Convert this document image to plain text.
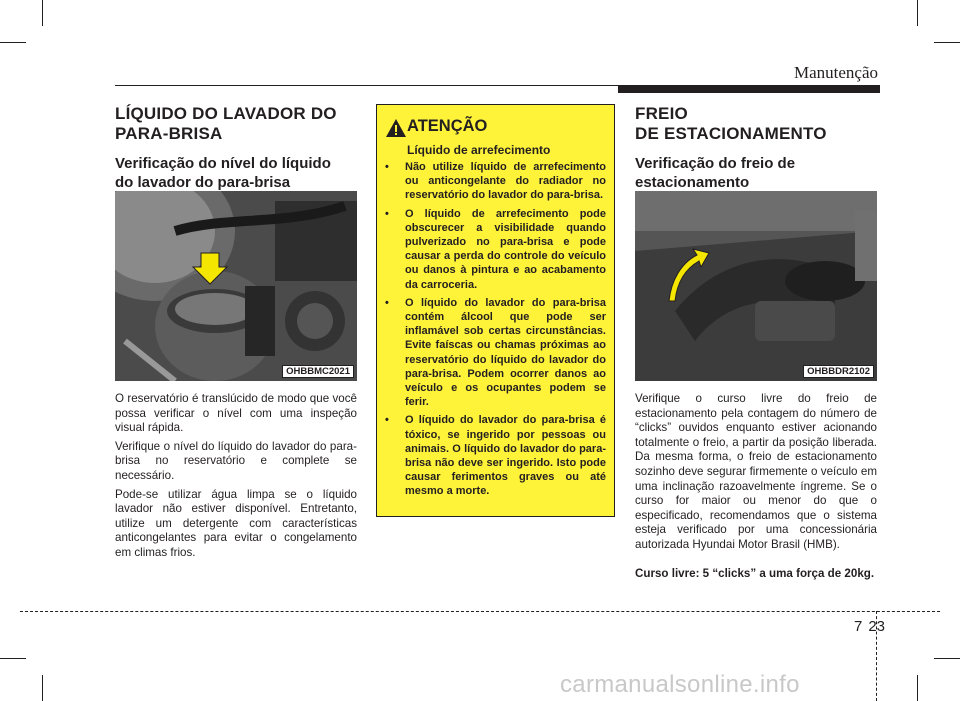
Manutenção

LÍQUIDO DO LAVADOR DO
PARA-BRISA

Verificação do nível do líquido
do lavador do para-brisa

OHBBMC2021

O reservatório é translúcido de modo que você possa verificar o nível com uma inspeção visual rápida.

Verifique o nível do líquido do lavador do para-brisa no reservatório e complete se necessário.

Pode-se utilizar água limpa se o líquido lavador não estiver disponível. Entretanto, utilize um detergente com características anticongelantes para evitar o congelamento em climas frios.

ATENÇÃO
Líquido de arrefecimento
• Não utilize líquido de arrefecimento ou anticongelante do radiador no reservatório do lavador do para-brisa.
• O líquido de arrefecimento pode obscurecer a visibilidade quando pulverizado no para-brisa e pode causar a perda do controle do veículo ou danos à pintura e ao acabamento da carroceria.
• O líquido do lavador do para-brisa contém álcool que pode ser inflamável sob certas circunstâncias. Evite faíscas ou chamas próximas ao reservatório do líquido do lavador do para-brisa. Podem ocorrer danos ao veículo e os ocupantes podem se ferir.
• O líquido do lavador do para-brisa é tóxico, se ingerido por pessoas ou animais. O líquido do lavador do para-brisa não deve ser ingerido. Isto pode causar ferimentos graves ou até mesmo a morte.

FREIO
DE ESTACIONAMENTO

Verificação do freio de
estacionamento

OHBBDR2102

Verifique o curso livre do freio de estacionamento pela contagem do número de “clicks” ouvidos enquanto estiver acionando totalmente o freio, a partir da posição liberada. Da mesma forma, o freio de estacionamento sozinho deve segurar firmemente o veículo em uma inclinação razoavelmente íngreme. Se o curso for maior ou menor do que o especificado, recomendamos que o sistema esteja verificado por uma concessionária autorizada Hyundai Motor Brasil (HMB).

Curso livre: 5 “clicks” a uma força de 20kg.

7 23
carmanualsonline.info
